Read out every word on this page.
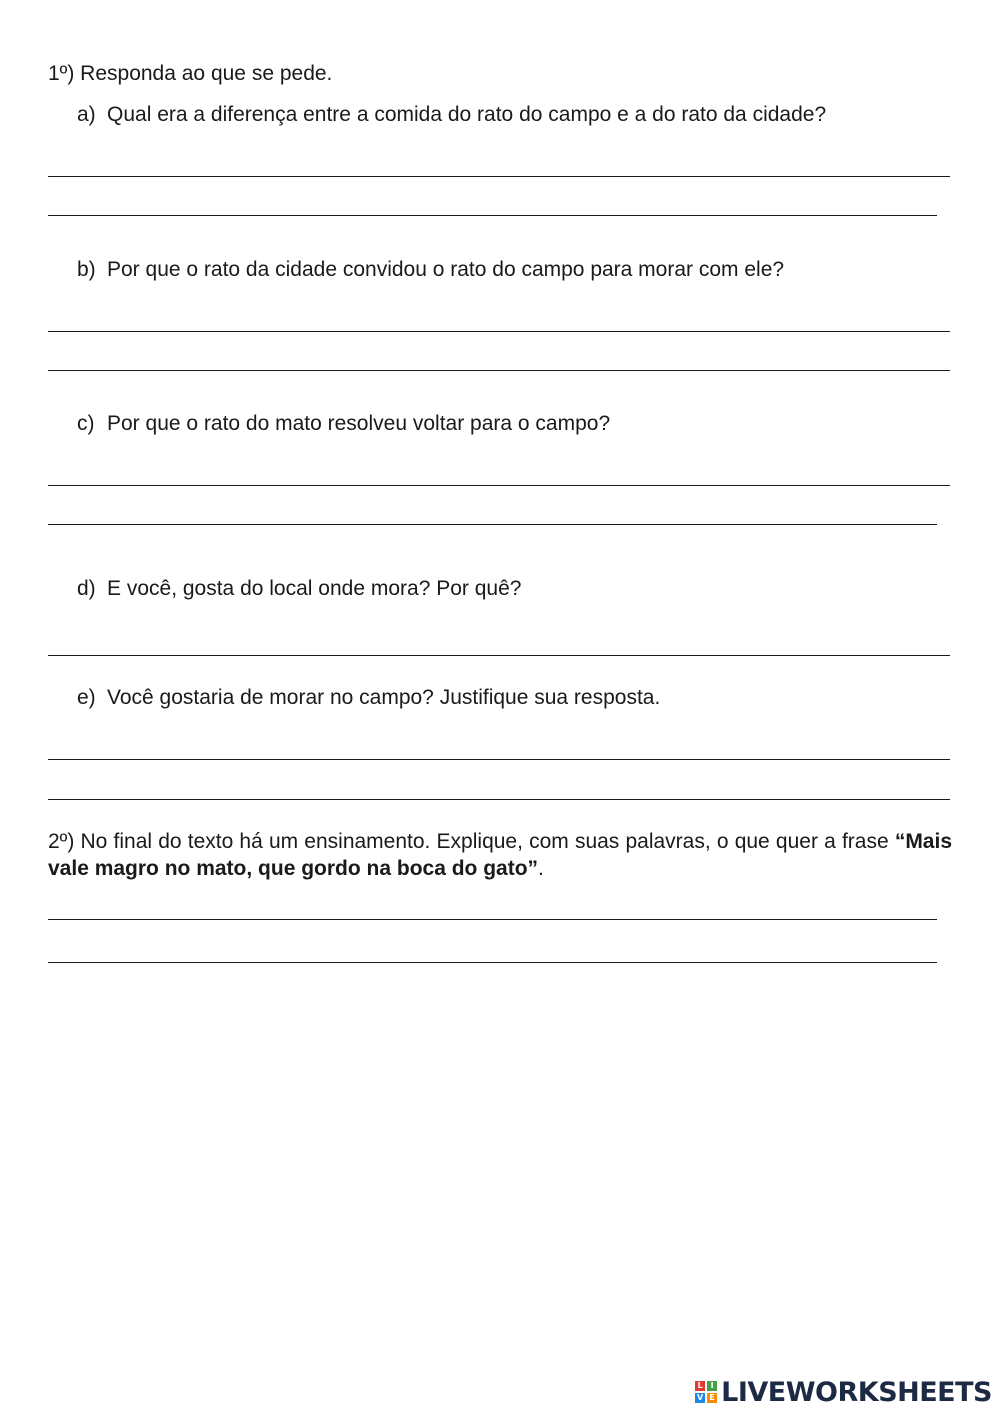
1º) Responda ao que se pede.
a) Qual era a diferença entre a comida do rato do campo e a do rato da cidade?
b) Por que o rato da cidade convidou o rato do campo para morar com ele?
c) Por que o rato do mato resolveu voltar para o campo?
d) E você, gosta do local onde mora? Por quê?
e) Você gostaria de morar no campo? Justifique sua resposta.
2º) No final do texto há um ensinamento. Explique, com suas palavras, o que quer a frase “Mais vale magro no mato, que gordo na boca do gato”.
L I
V E LIVEWORKSHEETS
